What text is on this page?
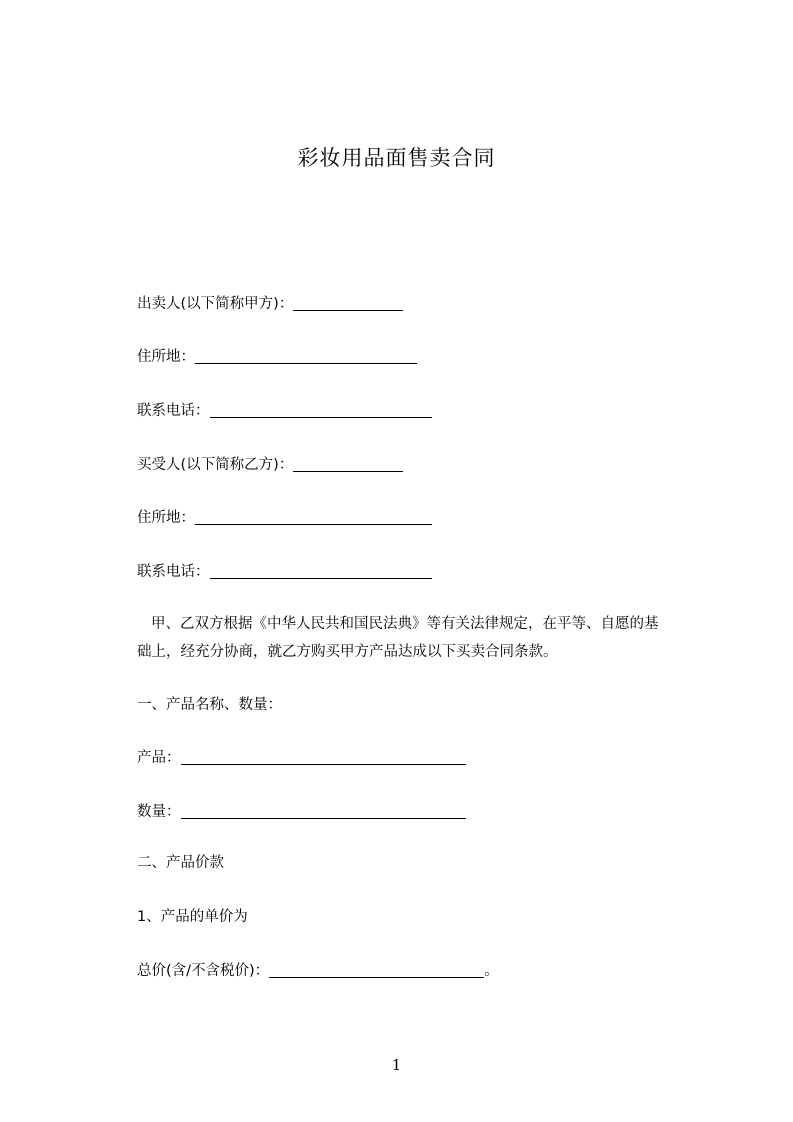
彩妆用品面售卖合同
出卖人(以下简称甲方)：
住所地：
联系电话：
买受人(以下简称乙方)：
住所地：
联系电话：
甲、乙双方根据《中华人民共和国民法典》等有关法律规定，在平等、自愿的基
础上，经充分协商，就乙方购买甲方产品达成以下买卖合同条款。
一、产品名称、数量：
产品：
数量：
二、产品价款
1、产品的单价为
总价(含/不含税价)：	。
1
